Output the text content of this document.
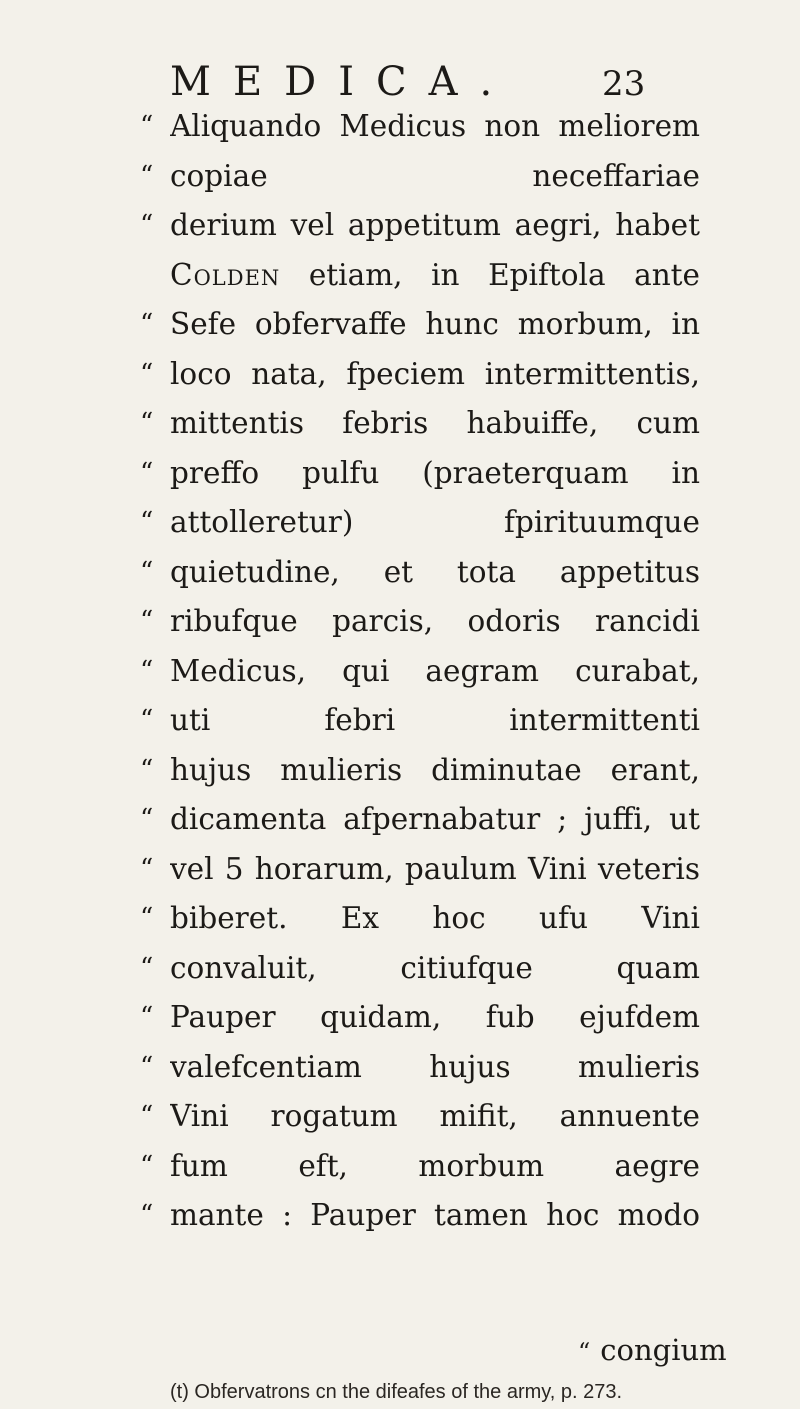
MEDICA.	23
“ Aliquando Medicus non meliorem
“ copiae neceffariae
“ derium vel appetitum aegri, habet
Colden etiam, in Epiftola ante
“ Sefe obfervaffe hunc morbum, in
“ loco nata, fpeciem intermittentis,
“ mittentis febris habuiffe, cum
“ preffo pulfu (praeterquam in
“ attolleretur) fpirituumque
“ quietudine, et tota appetitus
“ ribufque parcis, odoris rancidi
“ Medicus, qui aegram curabat,
“ uti febri intermittenti
“ hujus mulieris diminutae erant,
“ dicamenta afpernabatur ; juffi, ut
“ vel 5 horarum, paulum Vini veteris
“ biberet. Ex hoc ufu Vini
“ convaluit, citiufque quam
“ Pauper quidam, fub ejufdem
“ valefcentiam hujus mulieris
“ Vini rogatum mifit, annuente
“ fum eft, morbum aegre
“ mante : Pauper tamen hoc modo
“ congium
(t) Obfervatrons cn the difeafes of the army, p. 273.
